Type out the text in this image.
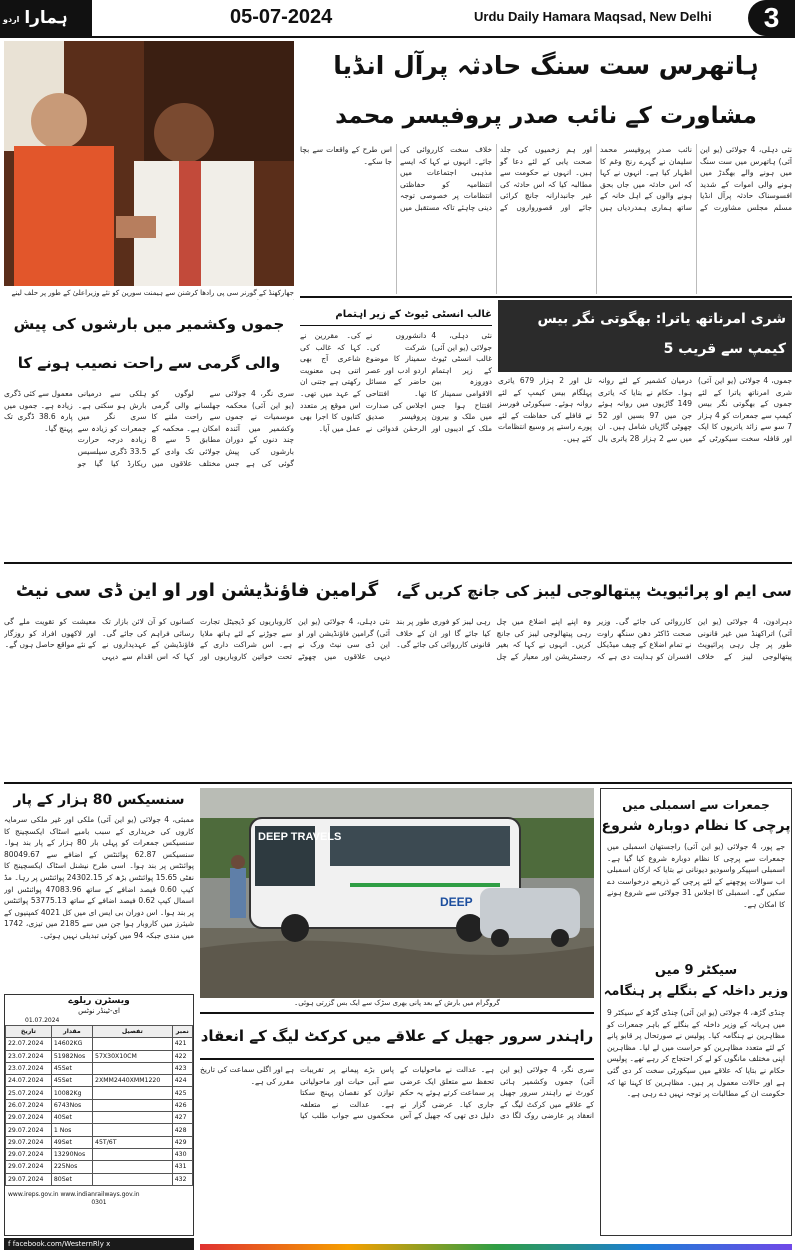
اردو ہمارا	05-07-2024	Urdu Daily Hamara Maqsad, New Delhi	3
جھارکھنڈ کے گورنر سی پی رادھا کرشنن سے ہیمنت سورین کو نئے وزیراعلیٰ کے طور پر حلف لینے
ہاتھرس ست سنگ حادثہ پرآل انڈیا
مشاورت کے نائب صدر پروفیسر محمد
نئی دہلی، 4 جولائی (یو این آئی) ہاتھرس میں ست سنگ میں ہونے والے بھگدڑ میں ہونے والی اموات کے شدید افسوسناک حادثہ پرآل انڈیا مسلم مجلس مشاورت کے نائب صدر پروفیسر محمد سلیمان نے گہرے رنج وغم کا اظہار کیا ہے۔ انہوں نے کہا کہ اس حادثہ میں جاں بحق ہونے والوں کے اہل خانہ کے ساتھ ہماری ہمدردیاں ہیں اور ہم زخمیوں کی جلد صحت یابی کے لئے دعا گو ہیں۔ انہوں نے حکومت سے مطالبہ کیا کہ اس حادثہ کی غیر جانبدارانہ جانچ کرائی جائے اور قصورواروں کے خلاف سخت کارروائی کی جائے۔ انہوں نے کہا کہ ایسے مذہبی اجتماعات میں انتظامیہ کو حفاظتی انتظامات پر خصوصی توجہ دینی چاہئے تاکہ مستقبل میں اس طرح کے واقعات سے بچا جا سکے۔
شری امرناتھ یاترا: بھگوتی نگر بیس کیمپ سے قریب 5
جموں، 4 جولائی (یو این آئی) شری امرناتھ یاترا کے لئے جموں کے بھگوتی نگر بیس کیمپ سے جمعرات کو 4 ہزار 7 سو سے زائد یاتریوں کا ایک اور قافلہ سخت سیکورٹی کے درمیان کشمیر کے لئے روانہ ہوا۔ حکام نے بتایا کہ یاتری 149 گاڑیوں میں روانہ ہوئے جن میں 97 بسیں اور 52 چھوٹی گاڑیاں شامل ہیں۔ ان میں سے 2 ہزار 28 یاتری بال تل اور 2 ہزار 679 یاتری پہلگام بیس کیمپ کے لئے روانہ ہوئے۔ سیکورٹی فورسز نے قافلے کی حفاظت کے لئے پورے راستے پر وسیع انتظامات کئے ہیں۔
غالب انسٹی ٹیوٹ کے زیر اہتمام
نئی دہلی، 4 جولائی (یو این آئی) غالب انسٹی ٹیوٹ کے زیر اہتمام دوروزہ بین الاقوامی سمینار کا افتتاح ہوا جس میں ملک و بیرون ملک کے ادیبوں اور دانشوروں نے شرکت کی۔ سمینار کا موضوع اردو ادب اور عصر حاضر کے مسائل تھا۔ افتتاحی اجلاس کی صدارت پروفیسر صدیق الرحمٰن قدوائی نے کی۔ مقررین نے کہا کہ غالب کی شاعری آج بھی اتنی ہی معنویت رکھتی ہے جتنی ان کے عہد میں تھی۔ اس موقع پر متعدد کتابوں کا اجرا بھی عمل میں آیا۔
جموں وکشمیر میں بارشوں کی پیش
والی گرمی سے راحت نصیب ہونے کا
سری نگر، 4 جولائی (یو این آئی) محکمہ موسمیات نے جموں وکشمیر میں آئندہ چند دنوں کے دوران بارشوں کی پیش گوئی کی ہے جس سے لوگوں کو جھلسانے والی گرمی سے راحت ملنے کا امکان ہے۔ محکمہ کے مطابق 5 سے 8 جولائی تک وادی کے مختلف علاقوں میں ہلکی سے درمیانی بارش ہو سکتی ہے۔ سری نگر میں جمعرات کو زیادہ سے زیادہ درجہ حرارت 33.5 ڈگری سیلسیس ریکارڈ کیا گیا جو معمول سے کئی ڈگری زیادہ ہے۔ جموں میں پارہ 38.6 ڈگری تک پہنچ گیا۔
سی ایم او پرائیویٹ پیتھالوجی لیبز کی جانچ کریں گے،
دہرادون، 4 جولائی (یو این آئی) اتراکھنڈ میں غیر قانونی طور پر چل رہی پرائیویٹ پیتھالوجی لیبز کے خلاف کارروائی کی جائے گی۔ وزیر صحت ڈاکٹر دھن سنگھ راوت نے تمام اضلاع کے چیف میڈیکل افسران کو ہدایت دی ہے کہ وہ اپنے اپنے اضلاع میں چل رہی پیتھالوجی لیبز کی جانچ کریں۔ انہوں نے کہا کہ بغیر رجسٹریشن اور معیار کے چل رہی لیبز کو فوری طور پر بند کیا جائے گا اور ان کے خلاف قانونی کارروائی کی جائے گی۔
گرامین فاؤنڈیشن اور او این ڈی سی نیٹ
نئی دہلی، 4 جولائی (یو این آئی) گرامین فاؤنڈیشن اور او این ڈی سی نیٹ ورک نے دیہی علاقوں میں چھوٹے کاروباریوں کو ڈیجیٹل تجارت سے جوڑنے کے لئے ہاتھ ملایا ہے۔ اس شراکت داری کے تحت خواتین کاروباریوں اور کسانوں کو آن لائن بازار تک رسائی فراہم کی جائے گی۔ فاؤنڈیشن کے عہدیداروں نے کہا کہ اس اقدام سے دیہی معیشت کو تقویت ملے گی اور لاکھوں افراد کو روزگار کے نئے مواقع حاصل ہوں گے۔
سنسیکس 80 ہزار کے پار
ممبئی، 4 جولائی (یو این آئی) ملکی اور غیر ملکی سرمایہ کاروں کی خریداری کے سبب بامبے اسٹاک ایکسچینج کا سنسیکس جمعرات کو پہلی بار 80 ہزار کے پار بند ہوا۔ سنسیکس 62.87 پوائنٹس کے اضافے سے 80049.67 پوائنٹس پر بند ہوا۔ اسی طرح نیشنل اسٹاک ایکسچینج کا نفٹی 15.65 پوائنٹس بڑھ کر 24302.15 پوائنٹس پر رہا۔ مڈ کیپ 0.60 فیصد اضافے کے ساتھ 47083.96 پوائنٹس اور اسمال کیپ 0.62 فیصد اضافے کے ساتھ 53775.13 پوائنٹس پر بند ہوا۔ اس دوران بی ایس ای میں کل 4021 کمپنیوں کے شیئرز میں کاروبار ہوا جن میں سے 2185 میں تیزی، 1742 میں مندی جبکہ 94 میں کوئی تبدیلی نہیں ہوئی۔
ویسٹرن ریلوے
ای-ٹینڈر نوٹس
01.07.2024
تاریخ	مقدار	تفصیل	نمبر
22.07.2024	14602KG		421
23.07.2024	51982Nos	57X30X10CM	422
23.07.2024	45Set		423
24.07.2024	45Set	2XMM2440XMM1220	424
25.07.2024	10082Kg		425
26.07.2024	6743Nos		426
29.07.2024	40Set		427
29.07.2024	1 Nos		428
29.07.2024	49Set	45T/6T	429
29.07.2024	13290Nos		430
29.07.2024	225Nos		431
29.07.2024	80Set		432
www.ireps.gov.in www.indianrailways.gov.in
0301
DEEP TRAVELS
DEEP
گروگرام میں بارش کے بعد پانی بھری سڑک سے ایک بس گزرتی ہوئی۔
راہندر سرور جھیل کے علاقے میں کرکٹ لیگ کے انعقاد
سری نگر، 4 جولائی (یو این آئی) جموں وکشمیر ہائی کورٹ نے راہندر سرور جھیل کے علاقے میں کرکٹ لیگ کے انعقاد پر عارضی روک لگا دی ہے۔ عدالت نے ماحولیات کے تحفظ سے متعلق ایک عرضی پر سماعت کرتے ہوئے یہ حکم جاری کیا۔ عرضی گزار نے دلیل دی تھی کہ جھیل کے آس پاس بڑے پیمانے پر تقریبات سے آبی حیات اور ماحولیاتی توازن کو نقصان پہنچ سکتا ہے۔ عدالت نے متعلقہ محکموں سے جواب طلب کیا ہے اور اگلی سماعت کی تاریخ مقرر کی ہے۔
جمعرات سے اسمبلی میں
پرچی کا نظام دوبارہ شروع
جے پور، 4 جولائی (یو این آئی) راجستھان اسمبلی میں جمعرات سے پرچی کا نظام دوبارہ شروع کیا گیا ہے۔ اسمبلی اسپیکر واسودیو دیونانی نے بتایا کہ ارکان اسمبلی اب سوالات پوچھنے کے لئے پرچی کے ذریعے درخواست دے سکیں گے۔ اسمبلی کا اجلاس 31 جولائی سے شروع ہونے کا امکان ہے۔
سیکٹر 9 میں
وزیر داخلہ کے بنگلے پر ہنگامہ
چنڈی گڑھ، 4 جولائی (یو این آئی) چنڈی گڑھ کے سیکٹر 9 میں ہریانہ کے وزیر داخلہ کے بنگلے کے باہر جمعرات کو مظاہرین نے ہنگامہ کیا۔ پولیس نے صورتحال پر قابو پانے کے لئے متعدد مظاہرین کو حراست میں لے لیا۔ مظاہرین اپنی مختلف مانگوں کو لے کر احتجاج کر رہے تھے۔ پولیس حکام نے بتایا کہ علاقے میں سیکورٹی سخت کر دی گئی ہے اور حالات معمول پر ہیں۔ مظاہرین کا کہنا تھا کہ حکومت ان کے مطالبات پر توجہ نہیں دے رہی ہے۔
f facebook.com/WesternRly x
